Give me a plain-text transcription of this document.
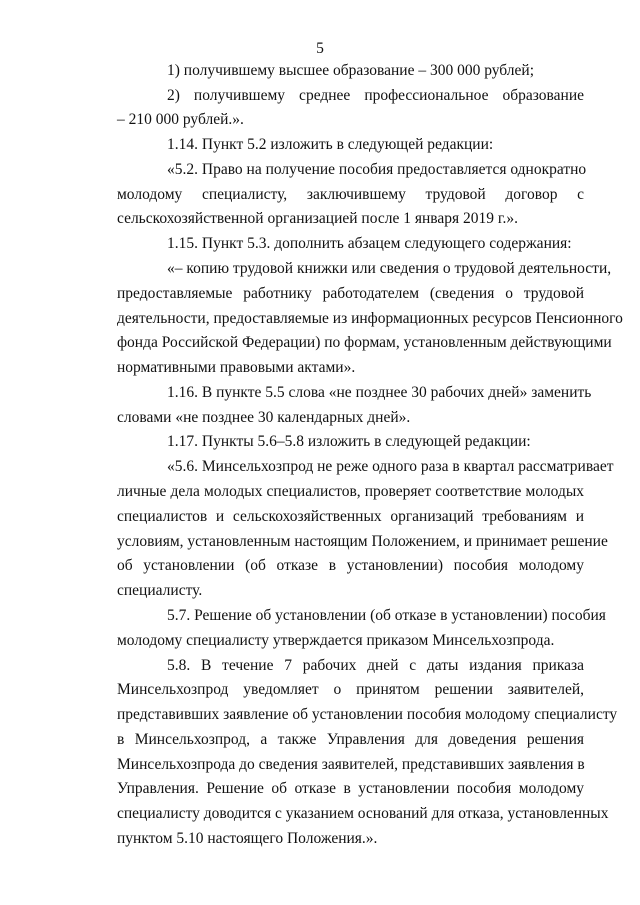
5
1) получившему высшее образование – 300 000 рублей;
2) получившему среднее профессиональное образование
– 210 000 рублей.».
1.14. Пункт 5.2 изложить в следующей редакции:
«5.2. Право на получение пособия предоставляется однократно
молодому специалисту, заключившему трудовой договор с
сельскохозяйственной организацией после 1 января 2019 г.».
1.15. Пункт 5.3. дополнить абзацем следующего содержания:
«– копию трудовой книжки или сведения о трудовой деятельности,
предоставляемые работнику работодателем (сведения о трудовой
деятельности, предоставляемые из информационных ресурсов Пенсионного
фонда Российской Федерации) по формам, установленным действующими
нормативными правовыми актами».
1.16. В пункте 5.5 слова «не позднее 30 рабочих дней» заменить
словами «не позднее 30 календарных дней».
1.17. Пункты 5.6–5.8 изложить в следующей редакции:
«5.6. Минсельхозпрод не реже одного раза в квартал рассматривает
личные дела молодых специалистов, проверяет соответствие молодых
специалистов и сельскохозяйственных организаций требованиям и
условиям, установленным настоящим Положением, и принимает решение
об установлении (об отказе в установлении) пособия молодому
специалисту.
5.7. Решение об установлении (об отказе в установлении) пособия
молодому специалисту утверждается приказом Минсельхозпрода.
5.8. В течение 7 рабочих дней с даты издания приказа
Минсельхозпрод уведомляет о принятом решении заявителей,
представивших заявление об установлении пособия молодому специалисту
в Минсельхозпрод, а также Управления для доведения решения
Минсельхозпрода до сведения заявителей, представивших заявления в
Управления. Решение об отказе в установлении пособия молодому
специалисту доводится с указанием оснований для отказа, установленных
пунктом 5.10 настоящего Положения.».
